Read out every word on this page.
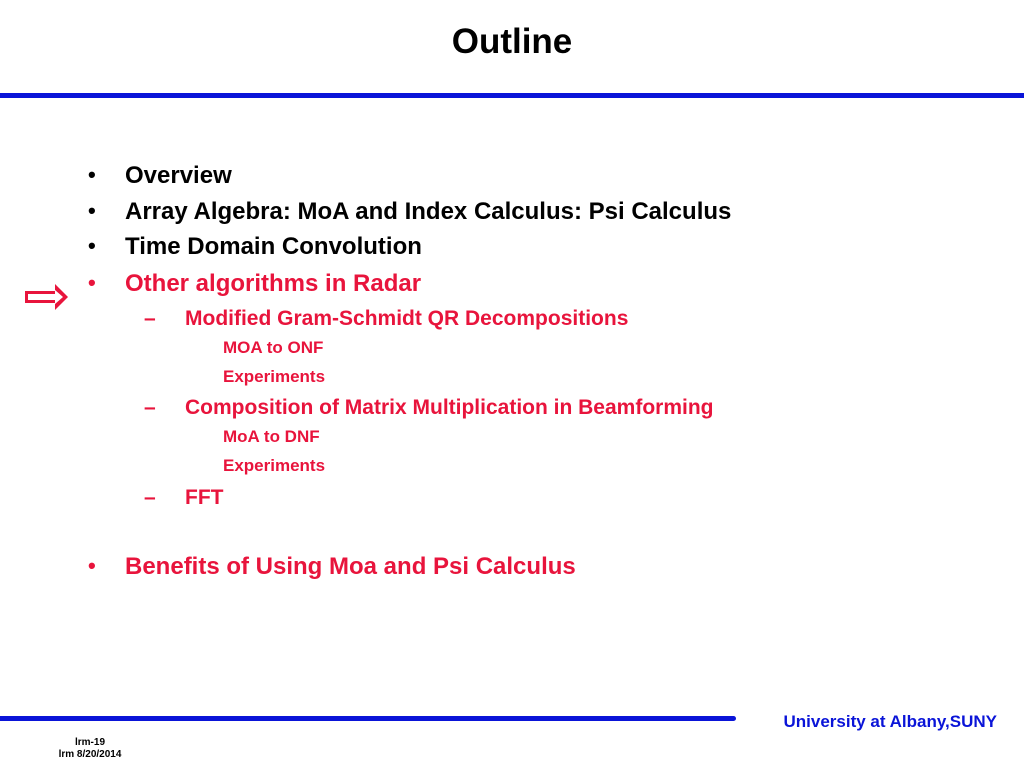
Outline
• Overview
• Array Algebra: MoA and Index Calculus: Psi Calculus
• Time Domain Convolution
• Other algorithms in Radar
– Modified Gram-Schmidt QR Decompositions
MOA to ONF
Experiments
– Composition of Matrix Multiplication in Beamforming
MoA to DNF
Experiments
– FFT
• Benefits of Using Moa and Psi Calculus
University at Albany,SUNY
lrm-19
lrm 8/20/2014
